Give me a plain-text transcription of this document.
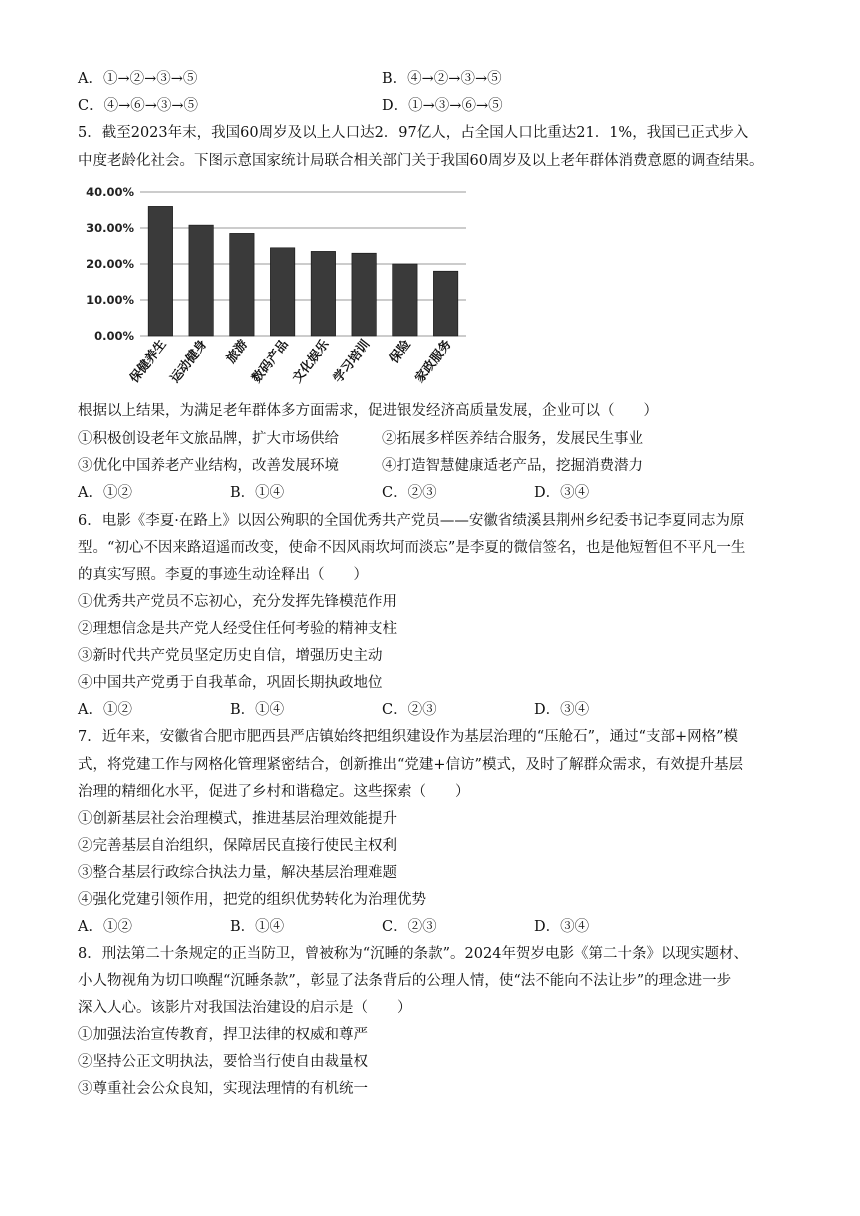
A．①→②→③→⑤	B．④→②→③→⑤
C．④→⑥→③→⑤	D．①→③→⑥→⑤
5．截至2023年末，我国60周岁及以上人口达2．97亿人，占全国人口比重达21．1%，我国已正式步入
中度老龄化社会。下图示意国家统计局联合相关部门关于我国60周岁及以上老年群体消费意愿的调查结果。
0.00%
10.00%
20.00%
30.00%
40.00%
保健养生
运动健身 旅游
数码产品
文化娱乐
学习培训 保险
家政服务
根据以上结果，为满足老年群体多方面需求，促进银发经济高质量发展，企业可以（　　）
①积极创设老年文旅品牌，扩大市场供给	②拓展多样医养结合服务，发展民生事业
③优化中国养老产业结构，改善发展环境	④打造智慧健康适老产品，挖掘消费潜力
A．①②	B．①④	C．②③	D．③④
6．电影《李夏·在路上》以因公殉职的全国优秀共产党员——安徽省绩溪县荆州乡纪委书记李夏同志为原
型。“初心不因来路迢遥而改变，使命不因风雨坎坷而淡忘”是李夏的微信签名，也是他短暂但不平凡一生
的真实写照。李夏的事迹生动诠释出（　　）
①优秀共产党员不忘初心，充分发挥先锋模范作用
②理想信念是共产党人经受住任何考验的精神支柱
③新时代共产党员坚定历史自信，增强历史主动
④中国共产党勇于自我革命，巩固长期执政地位
A．①②	B．①④	C．②③	D．③④
7．近年来，安徽省合肥市肥西县严店镇始终把组织建设作为基层治理的“压舱石”，通过“支部+网格”模
式，将党建工作与网格化管理紧密结合，创新推出“党建+信访”模式，及时了解群众需求，有效提升基层
治理的精细化水平，促进了乡村和谐稳定。这些探索（　　）
①创新基层社会治理模式，推进基层治理效能提升
②完善基层自治组织，保障居民直接行使民主权利
③整合基层行政综合执法力量，解决基层治理难题
④强化党建引领作用，把党的组织优势转化为治理优势
A．①②	B．①④	C．②③	D．③④
8．刑法第二十条规定的正当防卫，曾被称为“沉睡的条款”。2024年贺岁电影《第二十条》以现实题材、
小人物视角为切口唤醒“沉睡条款”，彰显了法条背后的公理人情，使“法不能向不法让步”的理念进一步
深入人心。该影片对我国法治建设的启示是（　　）
①加强法治宣传教育，捍卫法律的权威和尊严
②坚持公正文明执法，要恰当行使自由裁量权
③尊重社会公众良知，实现法理情的有机统一
